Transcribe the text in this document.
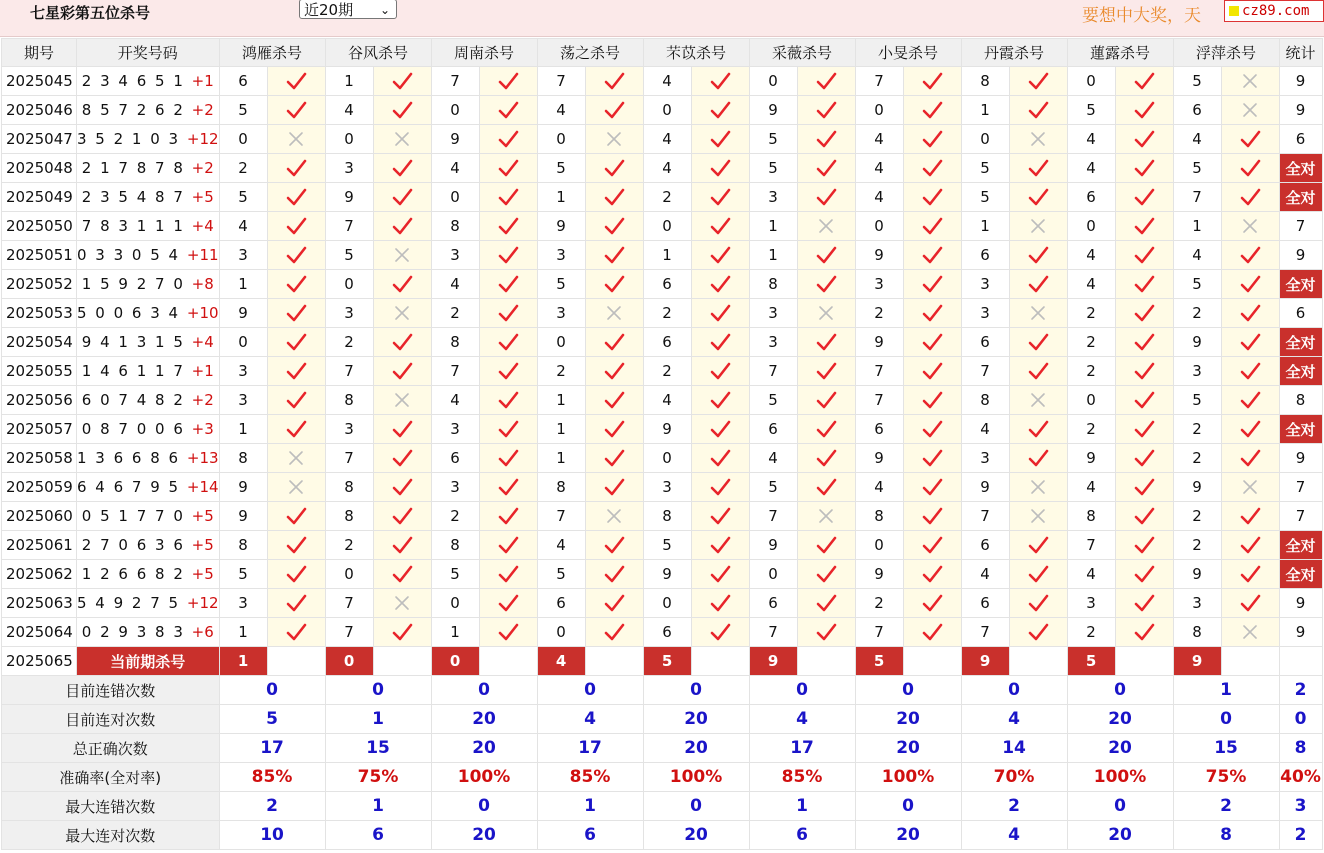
七星彩第五位杀号	近20期 ⌄	要想中大奖，天	cz89.com
期号	开奖号码	鸿雁杀号		谷风杀号		周南杀号		荡之杀号		芣苡杀号		采薇杀号		小旻杀号		丹霞杀号		蓮露杀号		浮萍杀号		统计
2025045	2 3 4 6 5 1 +1	6		1		7		7		4		0		7		8		0		5		9
2025046	8 5 7 2 6 2 +2	5		4		0		4		0		9		0		1		5		6		9
2025047	3 5 2 1 0 3 +12	0		0		9		0		4		5		4		0		4		4		6
2025048	2 1 7 8 7 8 +2	2		3		4		5		4		5		4		5		4		5		全对
2025049	2 3 5 4 8 7 +5	5		9		0		1		2		3		4		5		6		7		全对
2025050	7 8 3 1 1 1 +4	4		7		8		9		0		1		0		1		0		1		7
2025051	0 3 3 0 5 4 +11	3		5		3		3		1		1		9		6		4		4		9
2025052	1 5 9 2 7 0 +8	1		0		4		5		6		8		3		3		4		5		全对
2025053	5 0 0 6 3 4 +10	9		3		2		3		2		3		2		3		2		2		6
2025054	9 4 1 3 1 5 +4	0		2		8		0		6		3		9		6		2		9		全对
2025055	1 4 6 1 1 7 +1	3		7		7		2		2		7		7		7		2		3		全对
2025056	6 0 7 4 8 2 +2	3		8		4		1		4		5		7		8		0		5		8
2025057	0 8 7 0 0 6 +3	1		3		3		1		9		6		6		4		2		2		全对
2025058	1 3 6 6 8 6 +13	8		7		6		1		0		4		9		3		9		2		9
2025059	6 4 6 7 9 5 +14	9		8		3		8		3		5		4		9		4		9		7
2025060	0 5 1 7 7 0 +5	9		8		2		7		8		7		8		7		8		2		7
2025061	2 7 0 6 3 6 +5	8		2		8		4		5		9		0		6		7		2		全对
2025062	1 2 6 6 8 2 +5	5		0		5		5		9		0		9		4		4		9		全对
2025063	5 4 9 2 7 5 +12	3		7		0		6		0		6		2		6		3		3		9
2025064	0 2 9 3 8 3 +6	1		7		1		0		6		7		7		7		2		8		9
2025065	当前期杀号	1		0		0		4		5		9		5		9		5		9		
目前连错次数		0		0		0		0		0		0		0		0		0		1		2
目前连对次数		5		1		20		4		20		4		20		4		20		0		0
总正确次数		17		15		20		17		20		17		20		14		20		15		8
准确率(全对率)		85%		75%		100%		85%		100%		85%		100%		70%		100%		75%		40%
最大连错次数		2		1		0		1		0		1		0		2		0		2		3
最大连对次数		10		6		20		6		20		6		20		4		20		8		2
